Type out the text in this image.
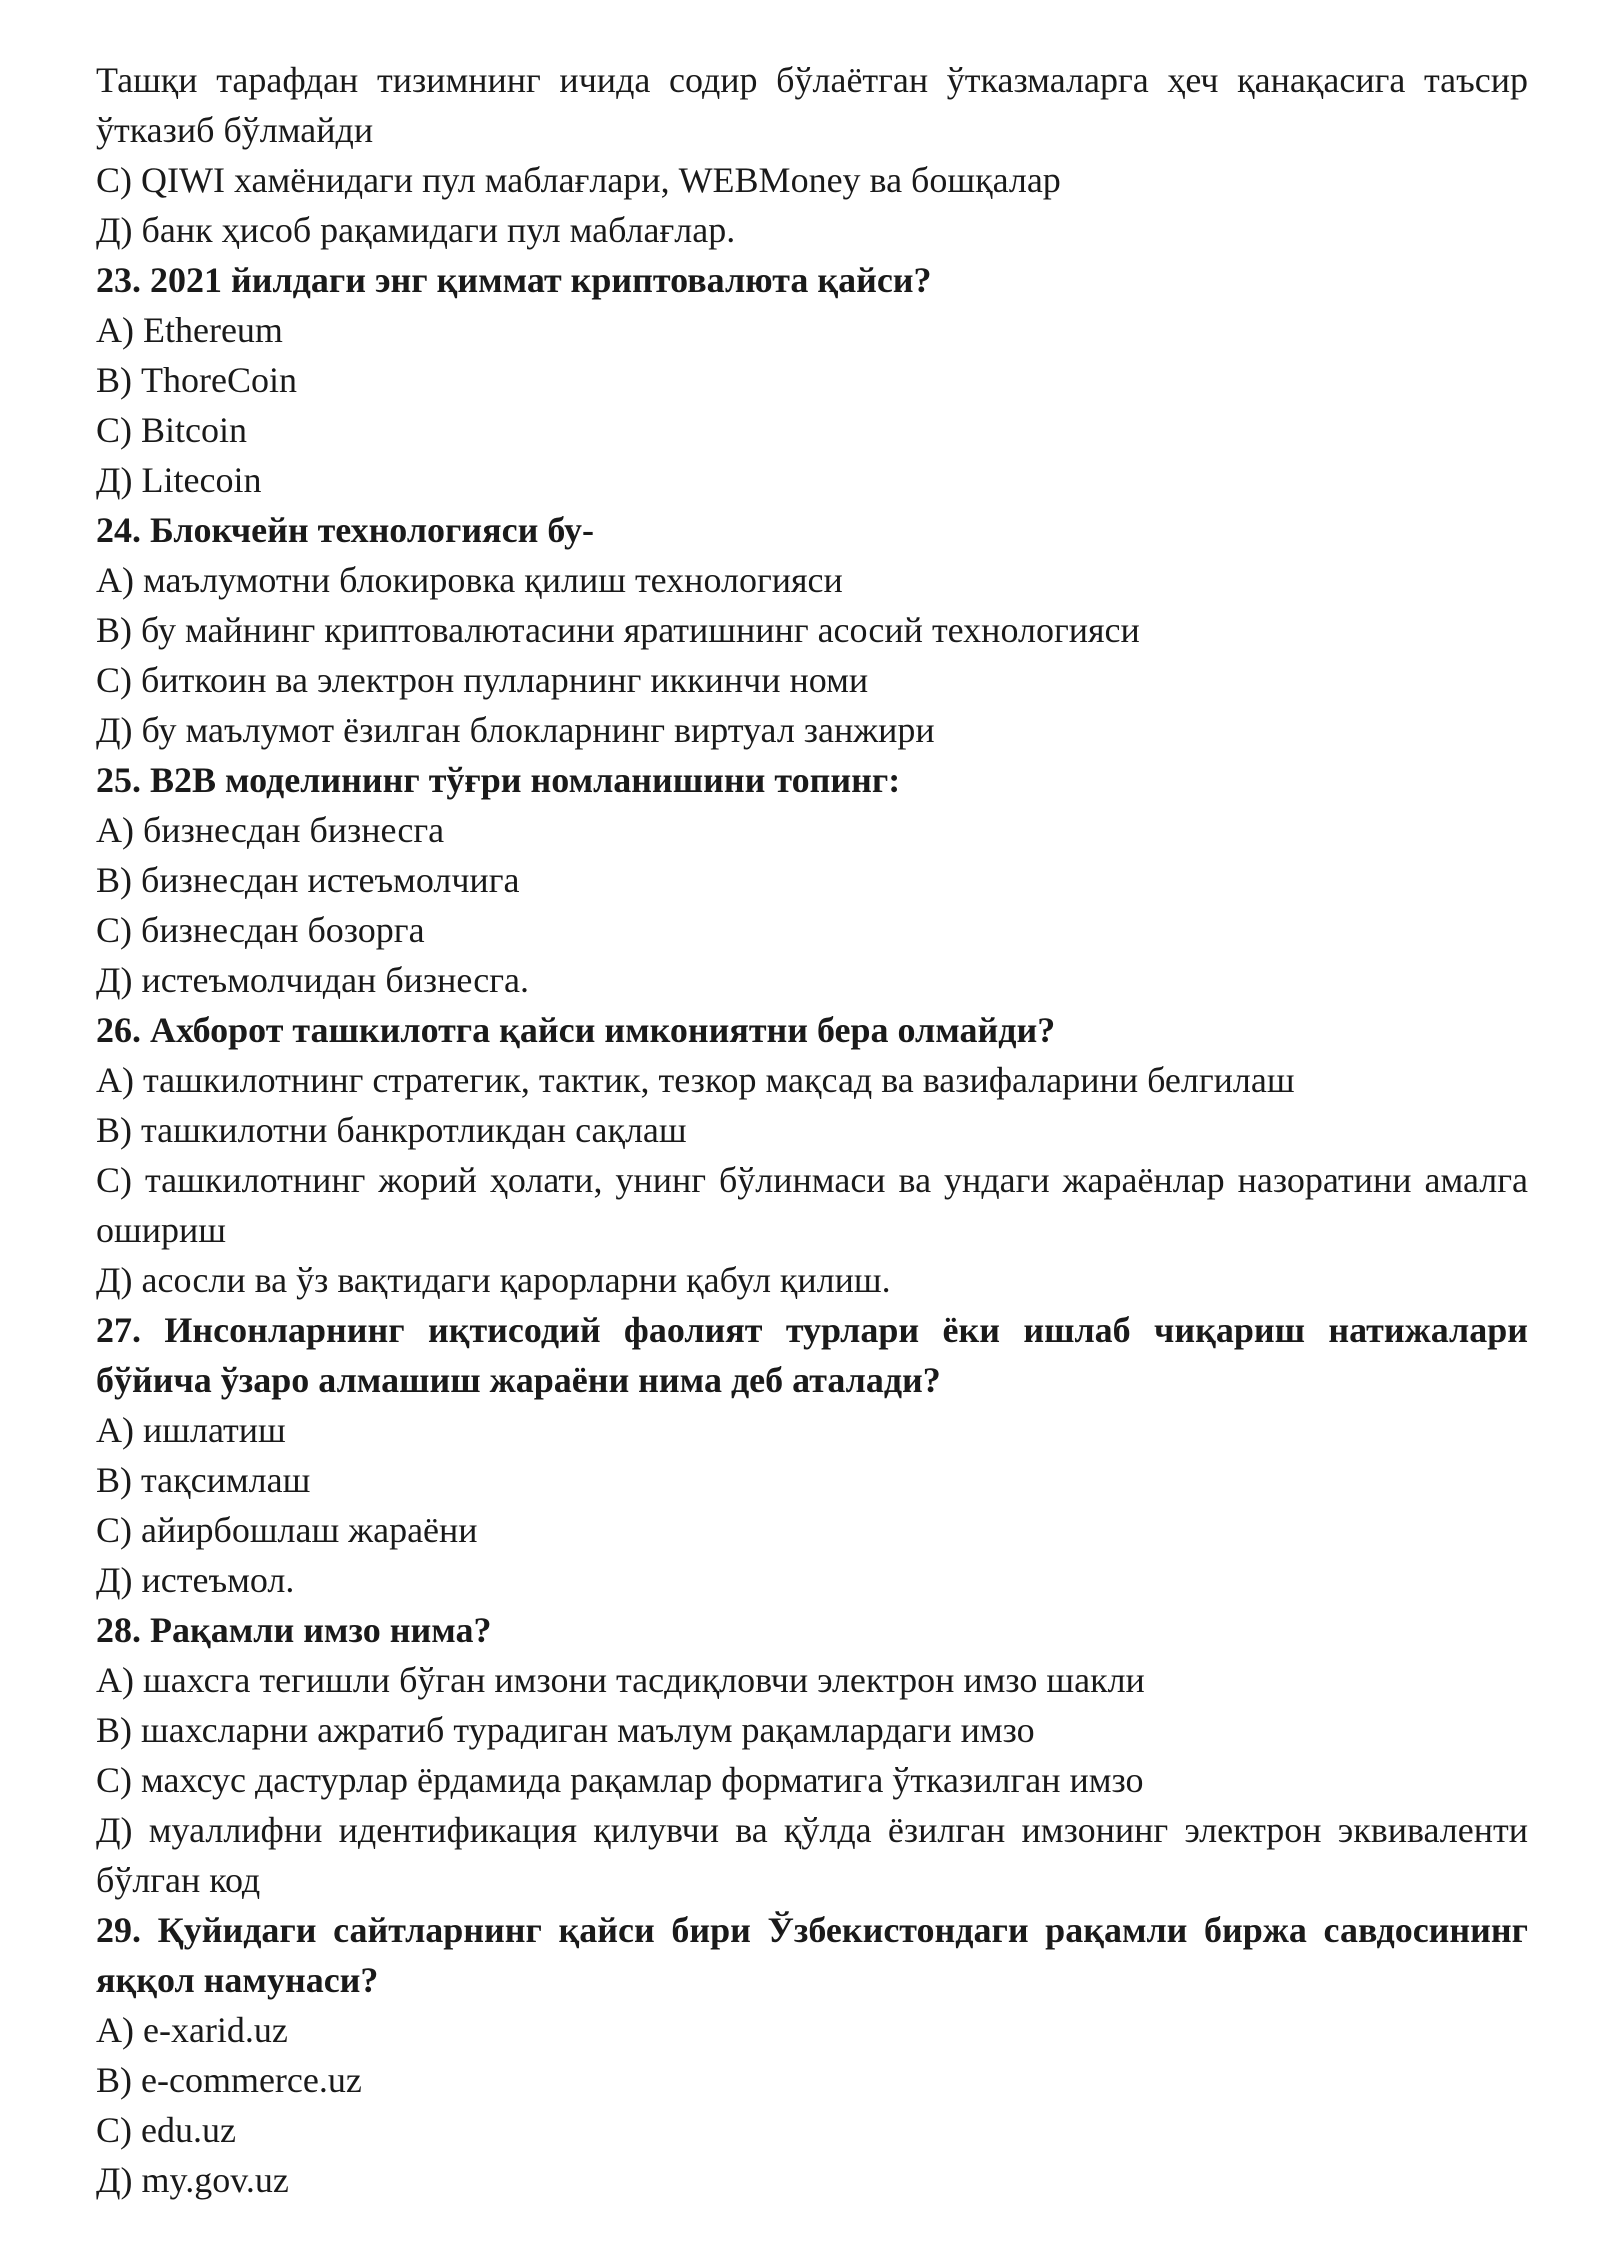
Ташқи тарафдан тизимнинг ичида содир бўлаётган ўтказмаларга ҳеч қанақасига таъсир ўтказиб бўлмайди
С) QIWI хамёнидаги пул маблағлари, WEBMoney ва бошқалар
Д) банк ҳисоб рақамидаги пул маблағлар.
23. 2021 йилдаги энг қиммат криптовалюта қайси?
А) Ethereum
В) ThoreCoin
С) Bitcoin
Д) Litecoin
24. Блокчейн технологияси бу-
А) маълумотни блокировка қилиш технологияси
В) бу майнинг криптовалютасини яратишнинг асосий технологияси
С) биткоин ва электрон пулларнинг иккинчи номи
Д) бу маълумот ёзилган блокларнинг виртуал занжири
25. В2В моделининг тўғри номланишини топинг:
А) бизнесдан бизнесга
В) бизнесдан истеъмолчига
С) бизнесдан бозорга
Д) истеъмолчидан бизнесга.
26. Ахборот ташкилотга қайси имкониятни бера олмайди?
А) ташкилотнинг стратегик, тактик, тезкор мақсад ва вазифаларини белгилаш
В) ташкилотни банкротликдан сақлаш
С) ташкилотнинг жорий ҳолати, унинг бўлинмаси ва ундаги жараёнлар назоратини амалга ошириш
Д) асосли ва ўз вақтидаги қарорларни қабул қилиш.
27. Инсонларнинг иқтисодий фаолият турлари ёки ишлаб чиқариш натижалари бўйича ўзаро алмашиш жараёни нима деб аталади?
А) ишлатиш
В) тақсимлаш
С) айирбошлаш жараёни
Д) истеъмол.
28. Рақамли имзо нима?
А) шахсга тегишли бўган имзони тасдиқловчи электрон имзо шакли
В) шахсларни ажратиб турадиган маълум рақамлардаги имзо
С) махсус дастурлар ёрдамида рақамлар форматига ўтказилган имзо
Д) муаллифни идентификация қилувчи ва қўлда ёзилган имзонинг электрон эквиваленти бўлган код
29. Қуйидаги сайтларнинг қайси бири Ўзбекистондаги рақамли биржа савдосининг яққол намунаси?
А) e-xarid.uz
В) e-commerce.uz
С) edu.uz
Д) my.gov.uz
